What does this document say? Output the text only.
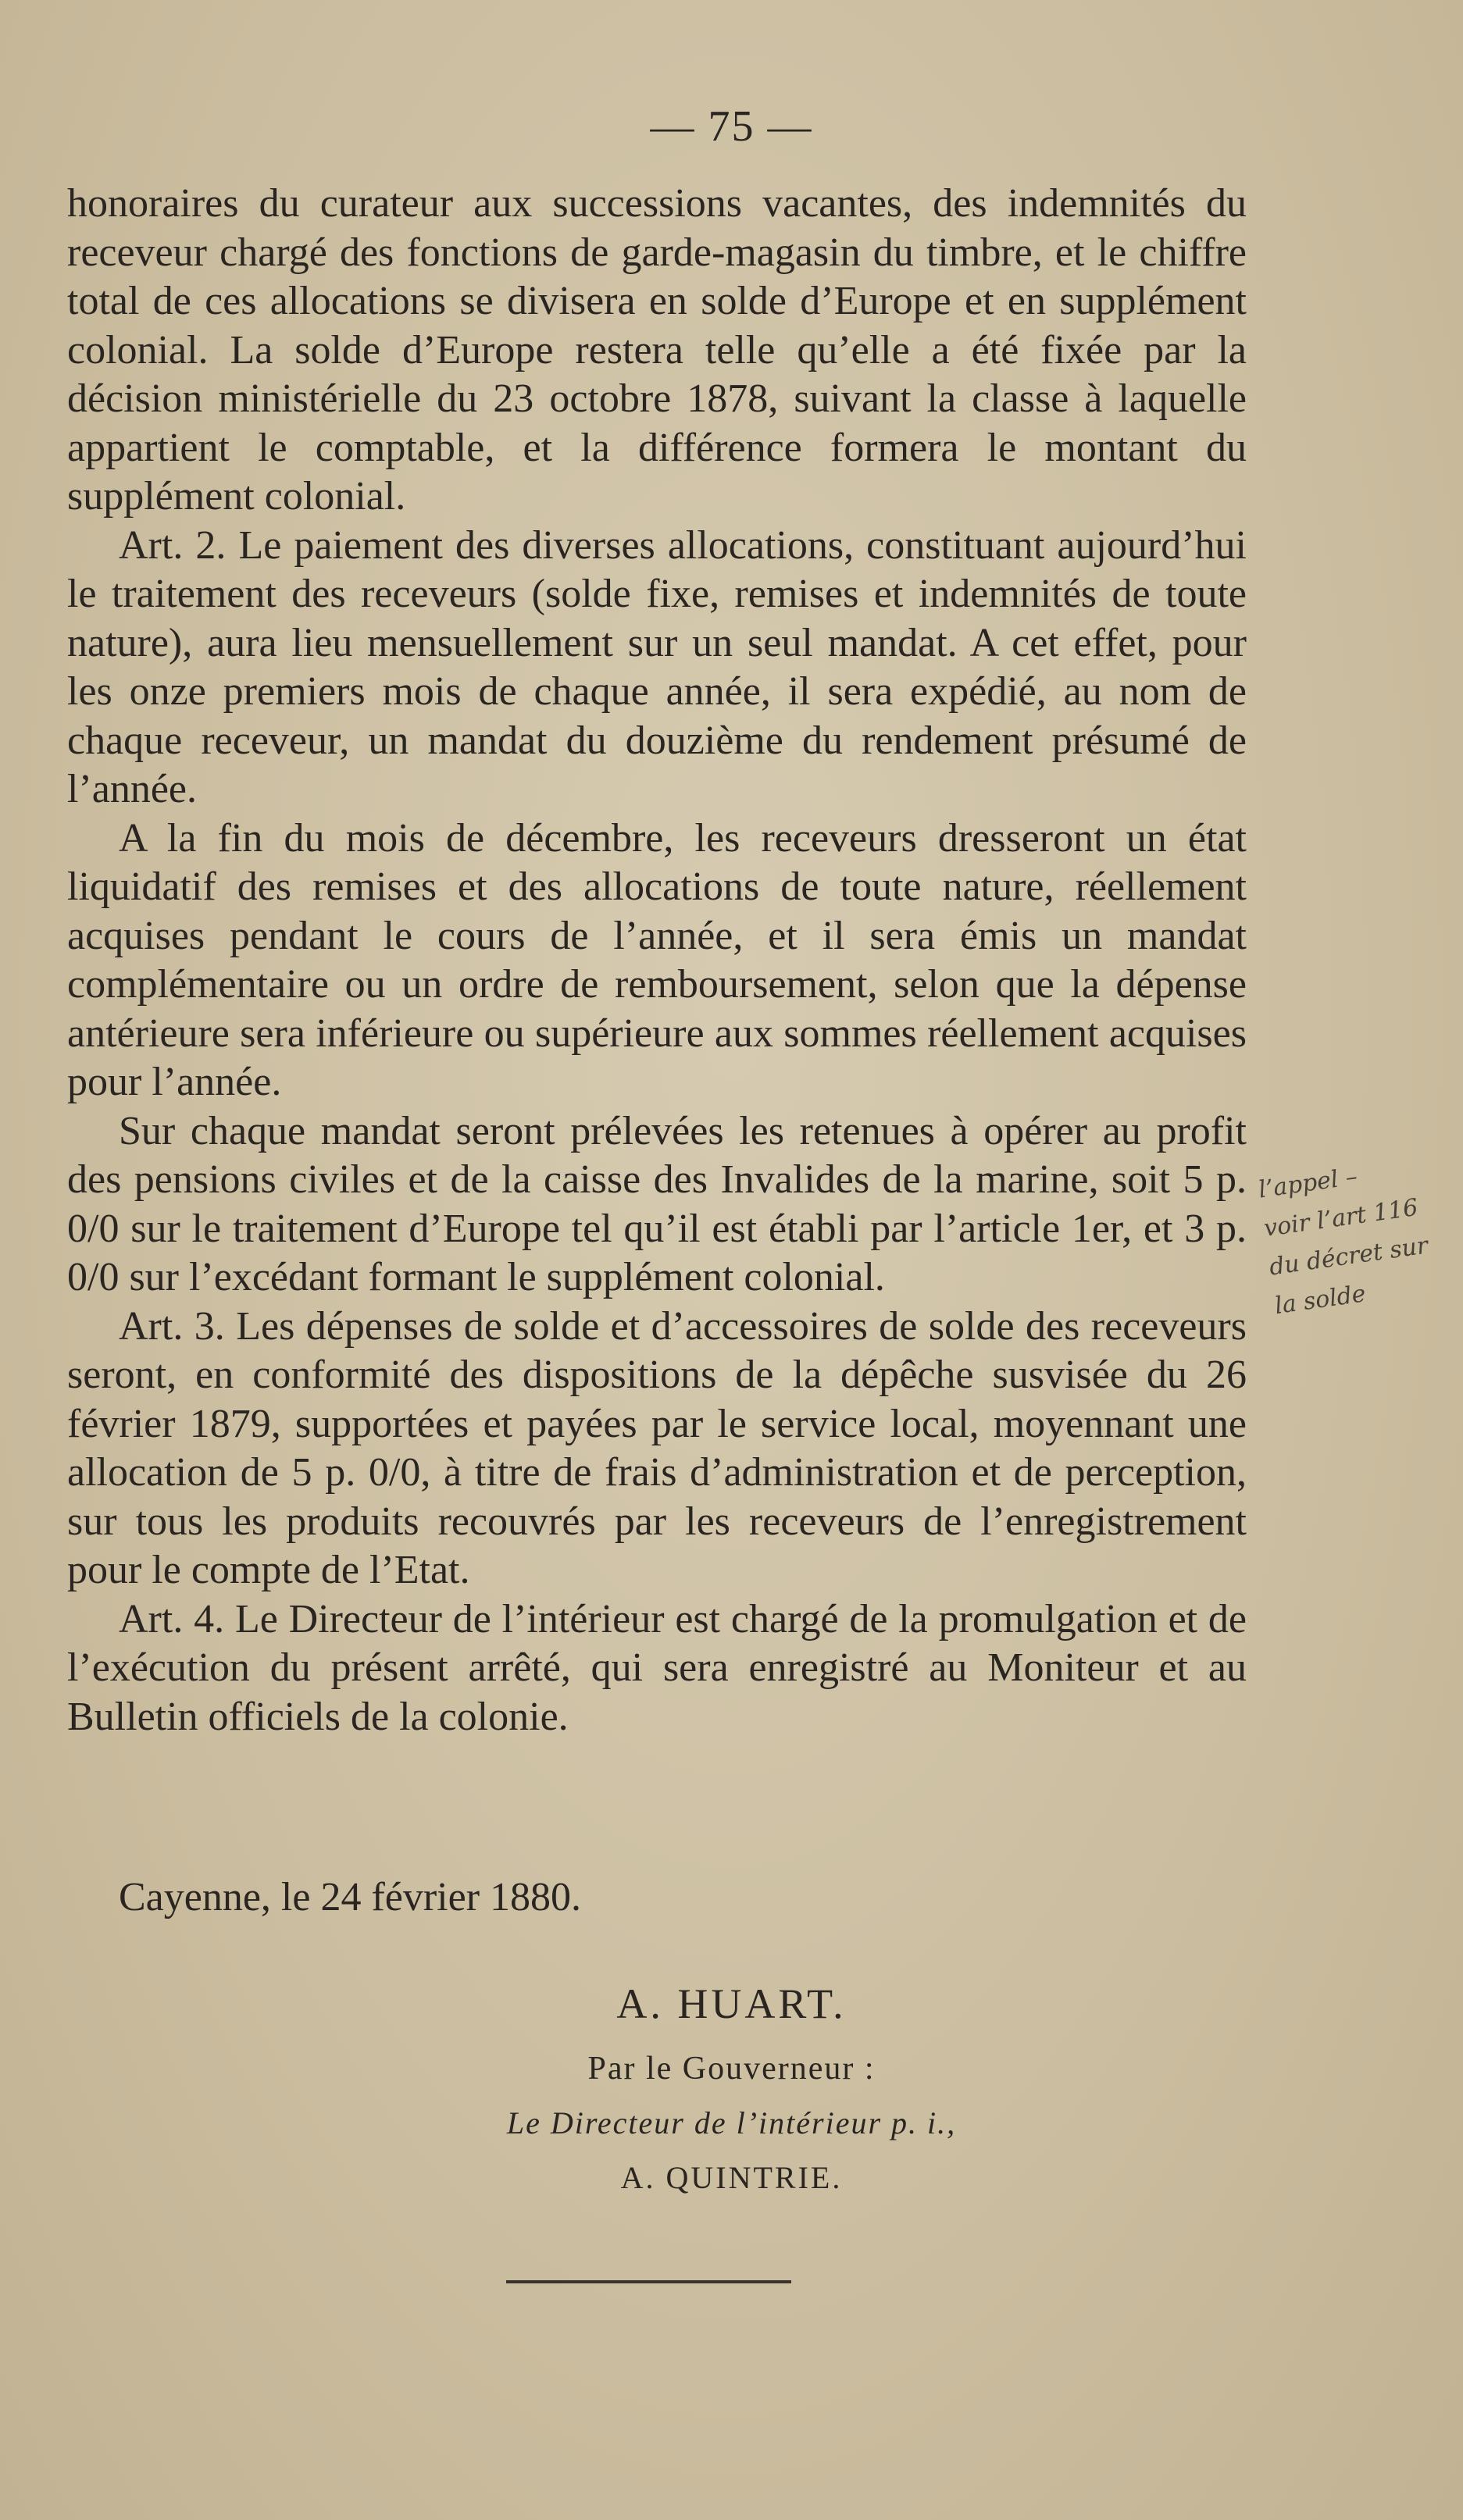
— 75 —

honoraires du curateur aux successions vacantes, des indemnités du receveur chargé des fonctions de garde-magasin du timbre, et le chiffre total de ces allocations se divisera en solde d’Europe et en supplément colonial. La solde d’Europe restera telle qu’elle a été fixée par la décision ministérielle du 23 octobre 1878, suivant la classe à laquelle appartient le comptable, et la différence formera le montant du supplément colonial.

Art. 2. Le paiement des diverses allocations, constituant aujourd’hui le traitement des receveurs (solde fixe, remises et indemnités de toute nature), aura lieu mensuellement sur un seul mandat. A cet effet, pour les onze premiers mois de chaque année, il sera expédié, au nom de chaque receveur, un mandat du douzième du rendement présumé de l’année.

A la fin du mois de décembre, les receveurs dresseront un état liquidatif des remises et des allocations de toute nature, réellement acquises pendant le cours de l’année, et il sera émis un mandat complémentaire ou un ordre de remboursement, selon que la dépense antérieure sera inférieure ou supérieure aux sommes réellement acquises pour l’année.

Sur chaque mandat seront prélevées les retenues à opérer au profit des pensions civiles et de la caisse des Invalides de la marine, soit 5 p. 0/0 sur le traitement d’Europe tel qu’il est établi par l’article 1er, et 3 p. 0/0 sur l’excédant formant le supplément colonial.

Art. 3. Les dépenses de solde et d’accessoires de solde des receveurs seront, en conformité des dispositions de la dépêche susvisée du 26 février 1879, supportées et payées par le service local, moyennant une allocation de 5 p. 0/0, à titre de frais d’administration et de perception, sur tous les produits recouvrés par les receveurs de l’enregistrement pour le compte de l’Etat.

Art. 4. Le Directeur de l’intérieur est chargé de la promulgation et de l’exécution du présent arrêté, qui sera enregistré au Moniteur et au Bulletin officiels de la colonie.

Cayenne, le 24 février 1880.
A. HUART.
Par le Gouverneur :
Le Directeur de l’intérieur p. i.,
A. QUINTRIE.
l’appel –
voir l’art 116
du décret sur
la solde
